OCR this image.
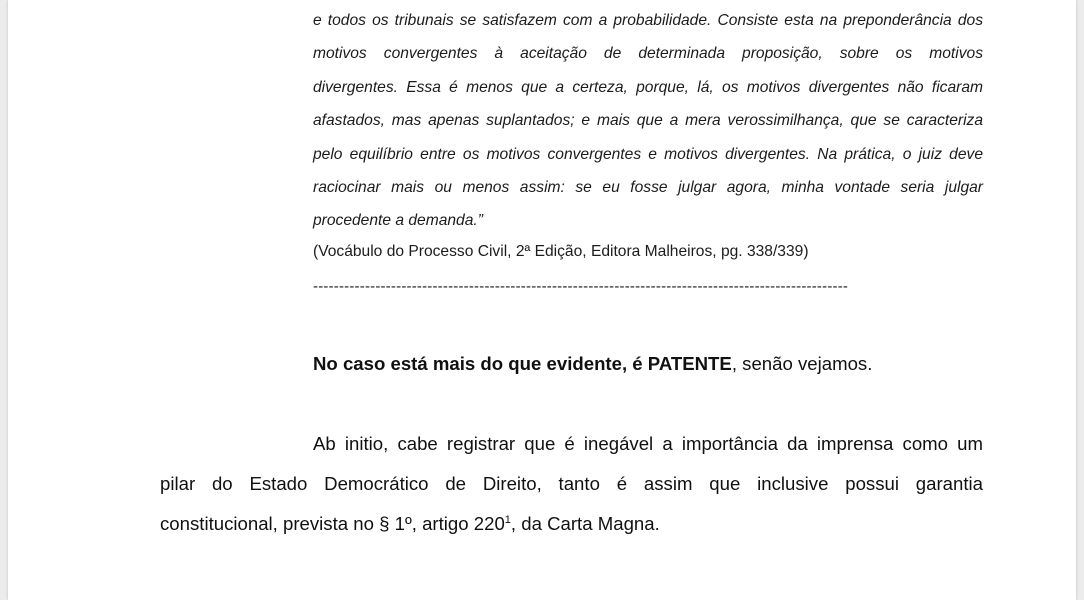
e todos os tribunais se satisfazem com a probabilidade. Consiste esta na preponderância dos
motivos convergentes à aceitação de determinada proposição, sobre os motivos
divergentes. Essa é menos que a certeza, porque, lá, os motivos divergentes não ficaram
afastados, mas apenas suplantados; e mais que a mera verossimilhança, que se caracteriza
pelo equilíbrio entre os motivos convergentes e motivos divergentes. Na prática, o juiz deve
raciocinar mais ou menos assim: se eu fosse julgar agora, minha vontade seria julgar
procedente a demanda.”
(Vocábulo do Processo Civil, 2ª Edição, Editora Malheiros, pg. 338/339)
-------------------------------------------------------------------------------------------------------
No caso está mais do que evidente, é PATENTE, senão vejamos.
Ab initio, cabe registrar que é inegável a importância da imprensa como um
pilar do Estado Democrático de Direito, tanto é assim que inclusive possui garantia
constitucional, prevista no § 1º, artigo $220^1$, da Carta Magna.
